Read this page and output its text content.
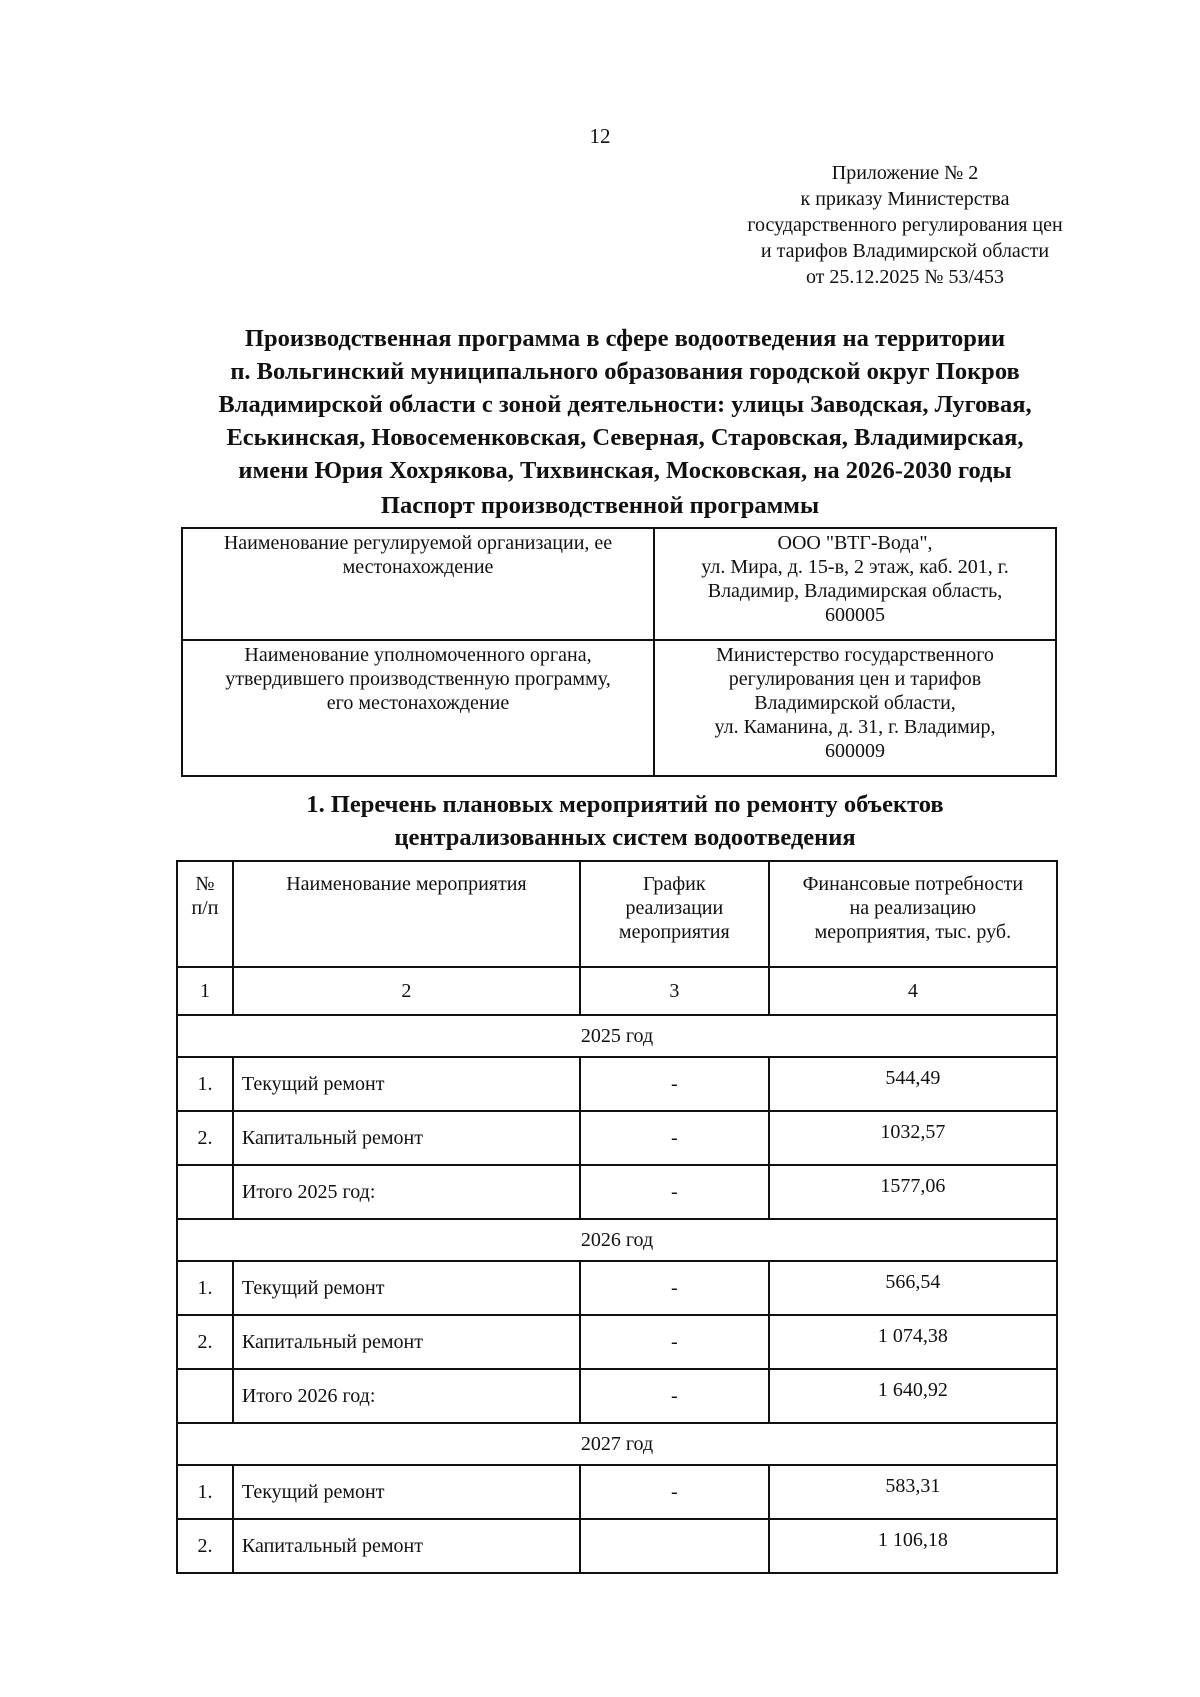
12
Приложение № 2
к приказу Министерства
государственного регулирования цен
и тарифов Владимирской области
от 25.12.2025 № 53/453
Производственная программа в сфере водоотведения на территории
п. Вольгинский муниципального образования городской округ Покров
Владимирской области с зоной деятельности: улицы Заводская, Луговая,
Еськинская, Новосеменковская, Северная, Старовская, Владимирская,
имени Юрия Хохрякова, Тихвинская, Московская, на 2026-2030 годы
Паспорт производственной программы
Наименование регулируемой организации, ее
местонахождение	ООО "ВТГ-Вода",
ул. Мира, д. 15-в, 2 этаж, каб. 201, г.
Владимир, Владимирская область,
600005

Наименование уполномоченного органа,
утвердившего производственную программу,
его местонахождение	Министерство государственного
регулирования цен и тарифов
Владимирской области,
ул. Каманина, д. 31, г. Владимир,
600009
1. Перечень плановых мероприятий по ремонту объектов
централизованных систем водоотведения
№
п/п	Наименование мероприятия	График
реализации
мероприятия	Финансовые потребности
на реализацию
мероприятия, тыс. руб.
1	2	3	4
2025 год			
1.	Текущий ремонт	-	544,49
2.	Капитальный ремонт	-	1032,57
	Итого 2025 год:	-	1577,06
2026 год			
1.	Текущий ремонт	-	566,54
2.	Капитальный ремонт	-	1 074,38
	Итого 2026 год:	-	1 640,92
2027 год			
1.	Текущий ремонт	-	583,31
2.	Капитальный ремонт		1 106,18
